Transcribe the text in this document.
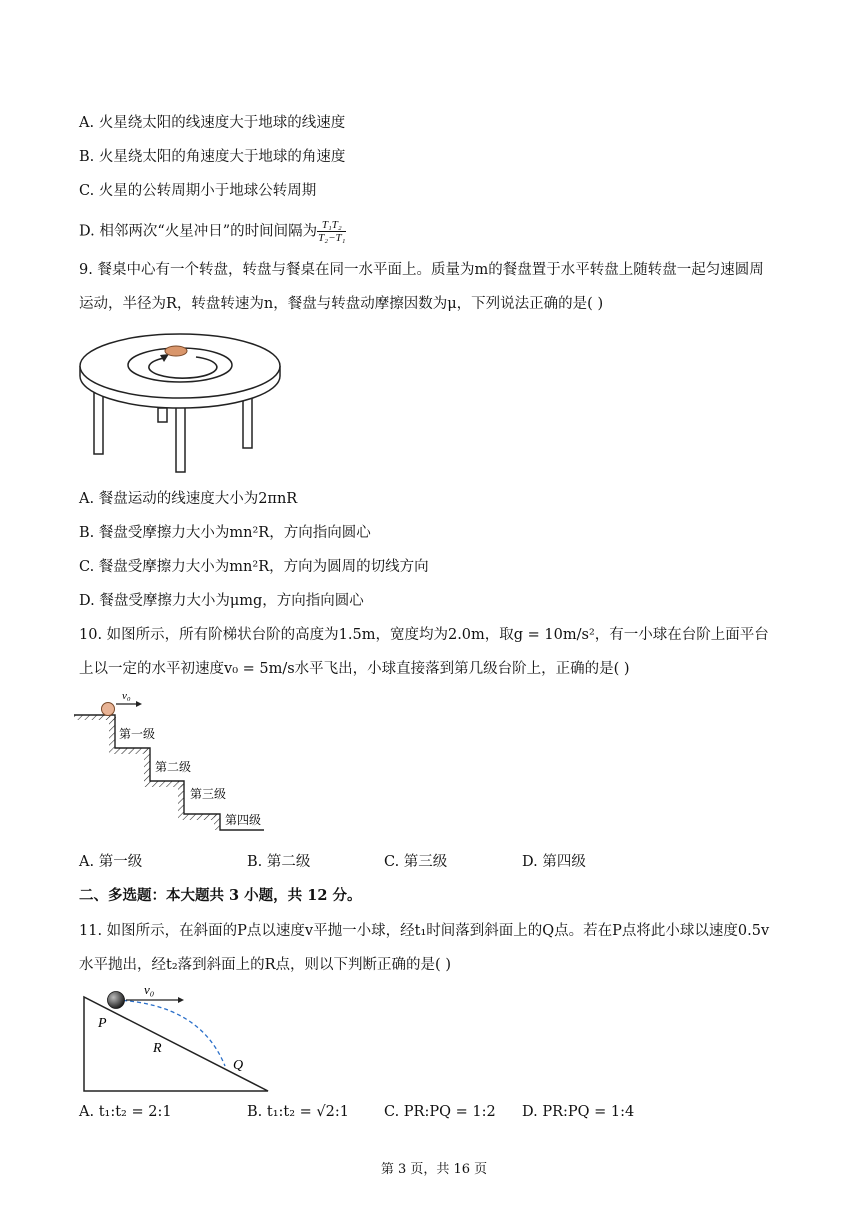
A. 火星绕太阳的线速度大于地球的线速度
B. 火星绕太阳的角速度大于地球的角速度
C. 火星的公转周期小于地球公转周期
D. 相邻两次“火星冲日”的时间间隔为 $\frac{\text{T₁T₂}}{\text{T₂−T₁}}$
9. 餐桌中心有一个转盘，转盘与餐桌在同一水平面上。质量为m的餐盘置于水平转盘上随转盘一起匀速圆周
运动，半径为R，转盘转速为n，餐盘与转盘动摩擦因数为μ，下列说法正确的是( )
A. 餐盘运动的线速度大小为2πnR
B. 餐盘受摩擦力大小为mn²R，方向指向圆心
C. 餐盘受摩擦力大小为mn²R，方向为圆周的切线方向
D. 餐盘受摩擦力大小为μmg，方向指向圆心
10. 如图所示，所有阶梯状台阶的高度为1.5m，宽度均为2.0m，取g = 10m/s²，有一小球在台阶上面平台
上以一定的水平初速度v₀ = 5m/s水平飞出，小球直接落到第几级台阶上，正确的是( )
v₀
第一级
第二级
第三级
第四级
A. 第一级	B. 第二级	C. 第三级	D. 第四级
二、多选题：本大题共 3 小题，共 12 分。
11. 如图所示，在斜面的P点以速度v平抛一小球，经t₁时间落到斜面上的Q点。若在P点将此小球以速度0.5v
水平抛出，经t₂落到斜面上的R点，则以下判断正确的是( )
v₀
P
R
Q
A. t₁:t₂ = 2:1	B. t₁:t₂ = √2:1 C. PR:PQ = 1:2 D. PR:PQ = 1:4
第 3 页，共 16 页
